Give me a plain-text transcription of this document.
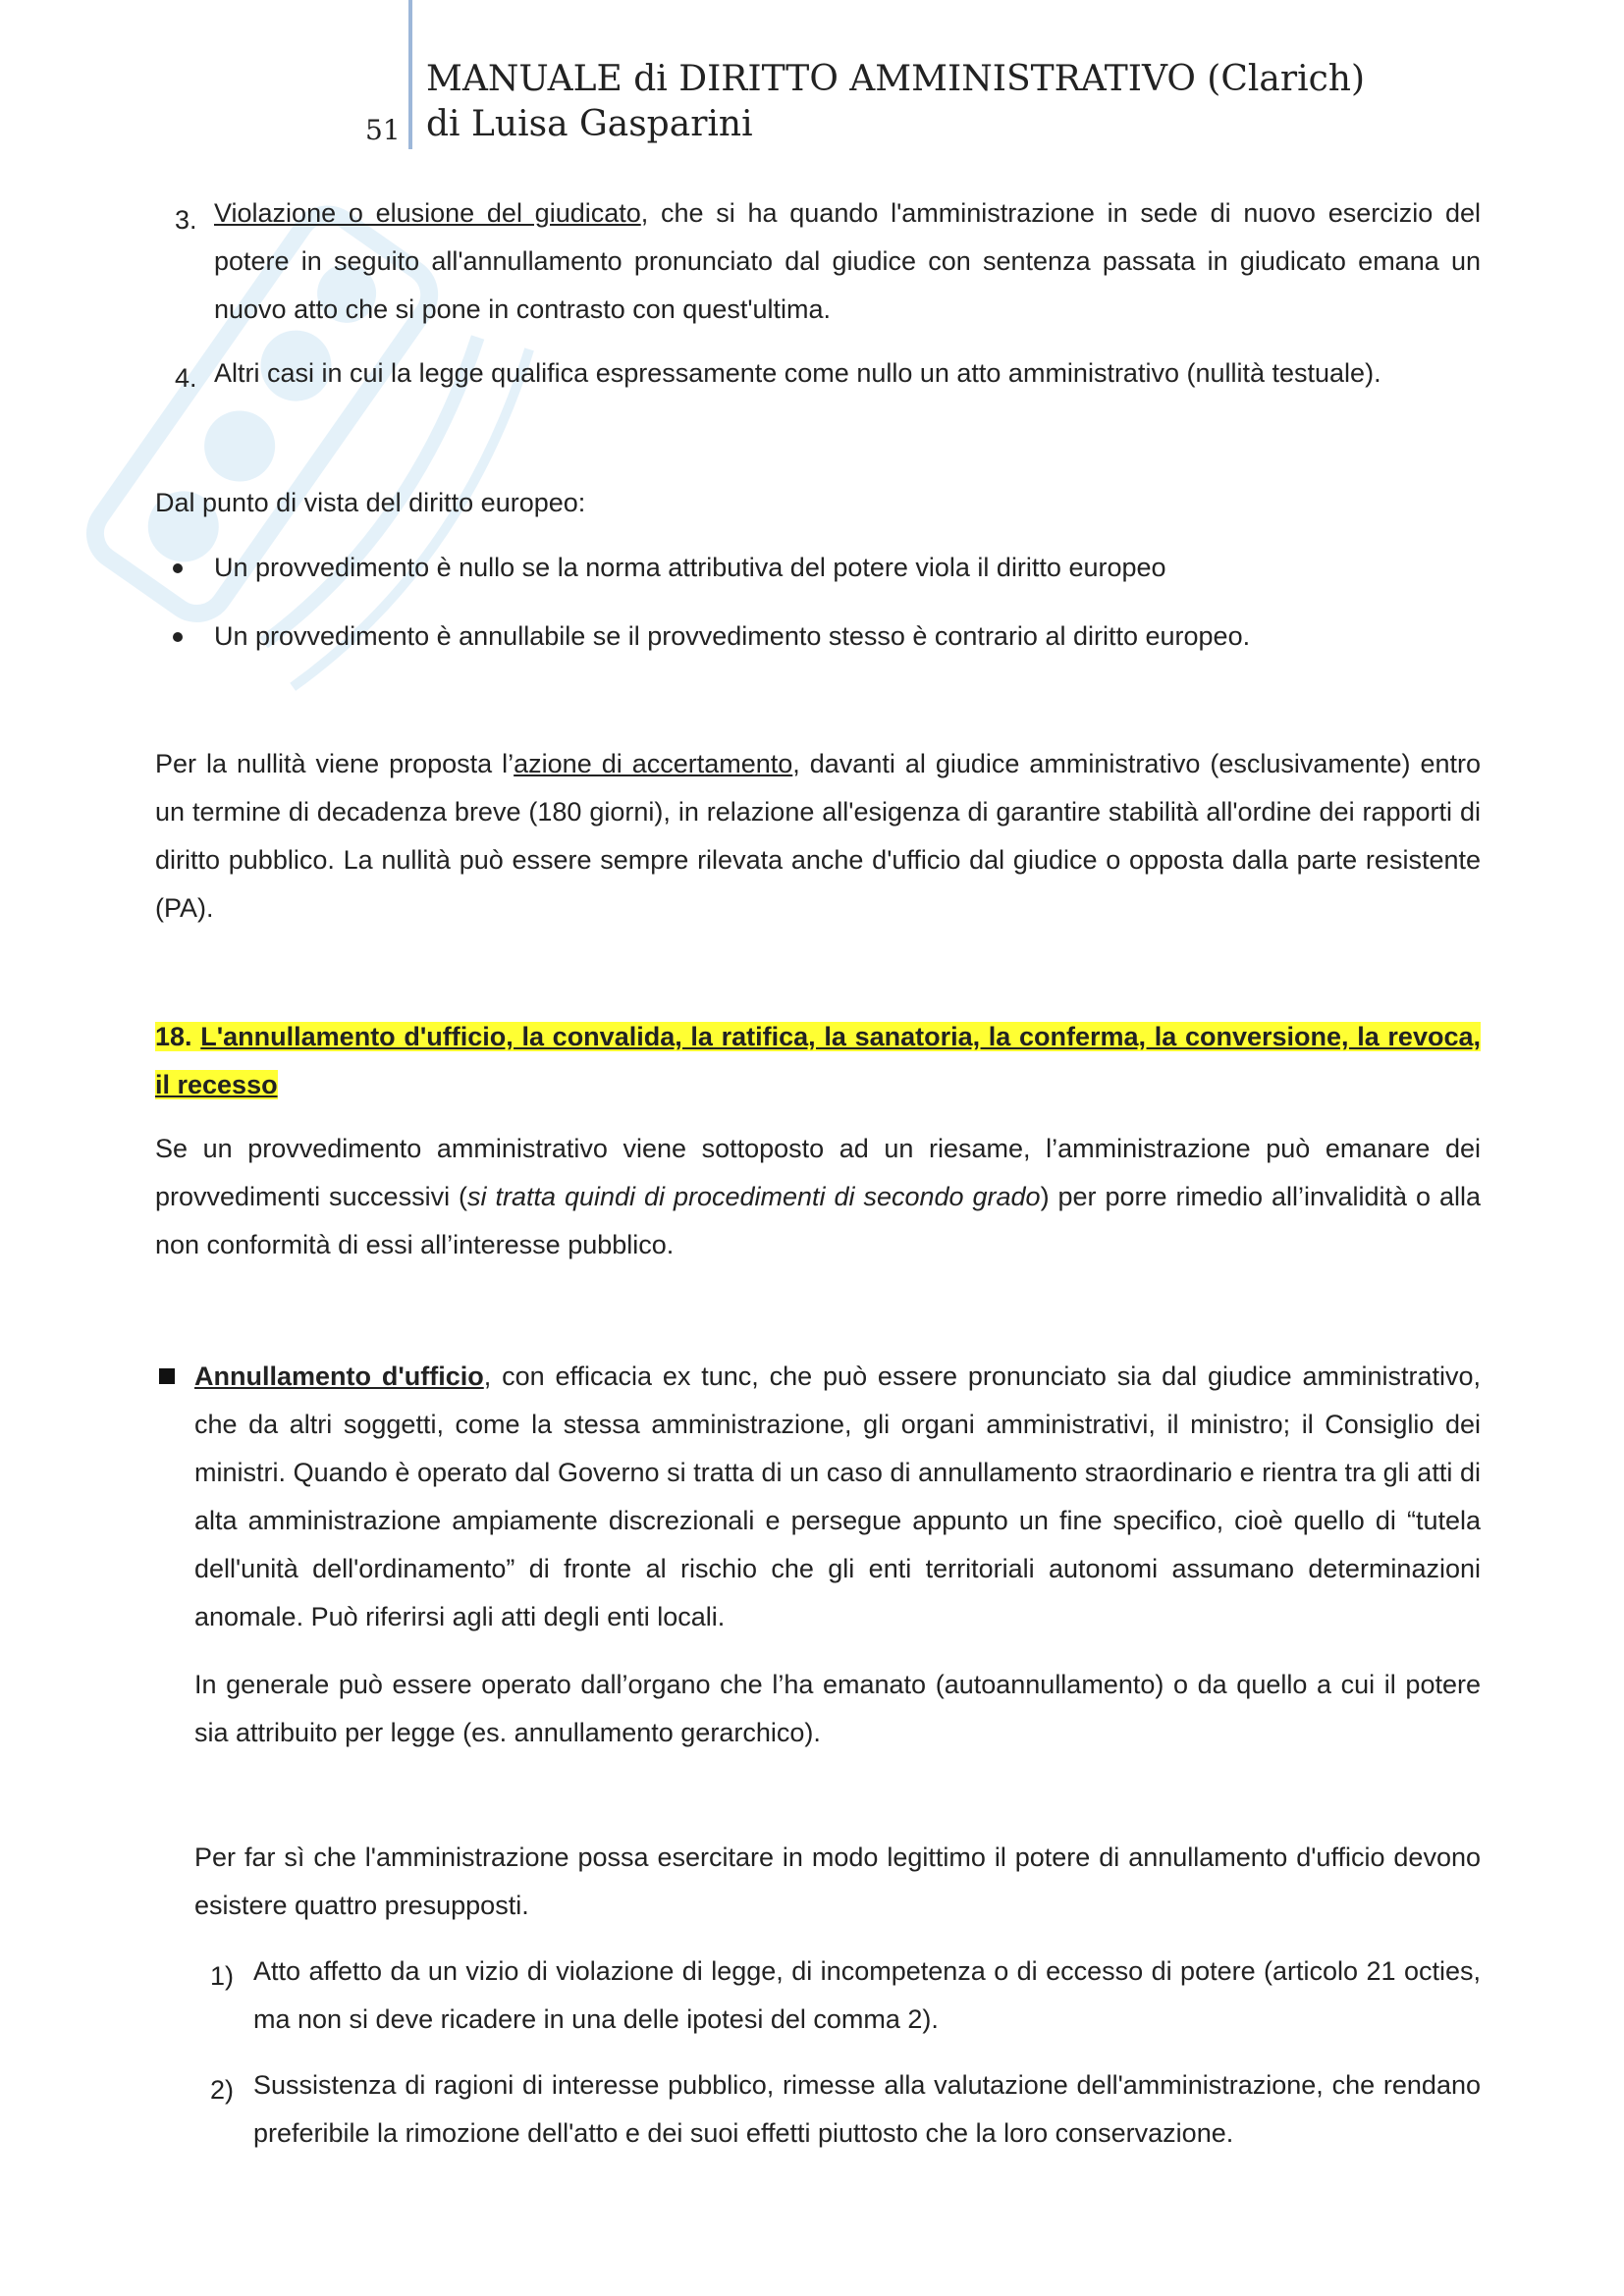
MANUALE di DIRITTO AMMINISTRATIVO (Clarich)
di Luisa Gasparini
51
3. Violazione o elusione del giudicato, che si ha quando l'amministrazione in sede di nuovo esercizio del potere in seguito all'annullamento pronunciato dal giudice con sentenza passata in giudicato emana un nuovo atto che si pone in contrasto con quest'ultima.
4. Altri casi in cui la legge qualifica espressamente come nullo un atto amministrativo (nullità testuale).
Dal punto di vista del diritto europeo:
Un provvedimento è nullo se la norma attributiva del potere viola il diritto europeo
Un provvedimento è annullabile se il provvedimento stesso è contrario al diritto europeo.
Per la nullità viene proposta l’azione di accertamento, davanti al giudice amministrativo (esclusivamente) entro un termine di decadenza breve (180 giorni), in relazione all'esigenza di garantire stabilità all'ordine dei rapporti di diritto pubblico. La nullità può essere sempre rilevata anche d'ufficio dal giudice o opposta dalla parte resistente (PA).
18. L'annullamento d'ufficio, la convalida, la ratifica, la sanatoria, la conferma, la conversione, la revoca, il recesso
Se un provvedimento amministrativo viene sottoposto ad un riesame, l’amministrazione può emanare dei provvedimenti successivi (si tratta quindi di procedimenti di secondo grado) per porre rimedio all’invalidità o alla non conformità di essi all’interesse pubblico.
Annullamento d'ufficio, con efficacia ex tunc, che può essere pronunciato sia dal giudice amministrativo, che da altri soggetti, come la stessa amministrazione, gli organi amministrativi, il ministro; il Consiglio dei ministri. Quando è operato dal Governo si tratta di un caso di annullamento straordinario e rientra tra gli atti di alta amministrazione ampiamente discrezionali e persegue appunto un fine specifico, cioè quello di “tutela dell'unità dell'ordinamento” di fronte al rischio che gli enti territoriali autonomi assumano determinazioni anomale. Può riferirsi agli atti degli enti locali.
In generale può essere operato dall’organo che l’ha emanato (autoannullamento) o da quello a cui il potere sia attribuito per legge (es. annullamento gerarchico).
Per far sì che l'amministrazione possa esercitare in modo legittimo il potere di annullamento d'ufficio devono esistere quattro presupposti.
1) Atto affetto da un vizio di violazione di legge, di incompetenza o di eccesso di potere (articolo 21 octies, ma non si deve ricadere in una delle ipotesi del comma 2).
2) Sussistenza di ragioni di interesse pubblico, rimesse alla valutazione dell'amministrazione, che rendano preferibile la rimozione dell'atto e dei suoi effetti piuttosto che la loro conservazione.
